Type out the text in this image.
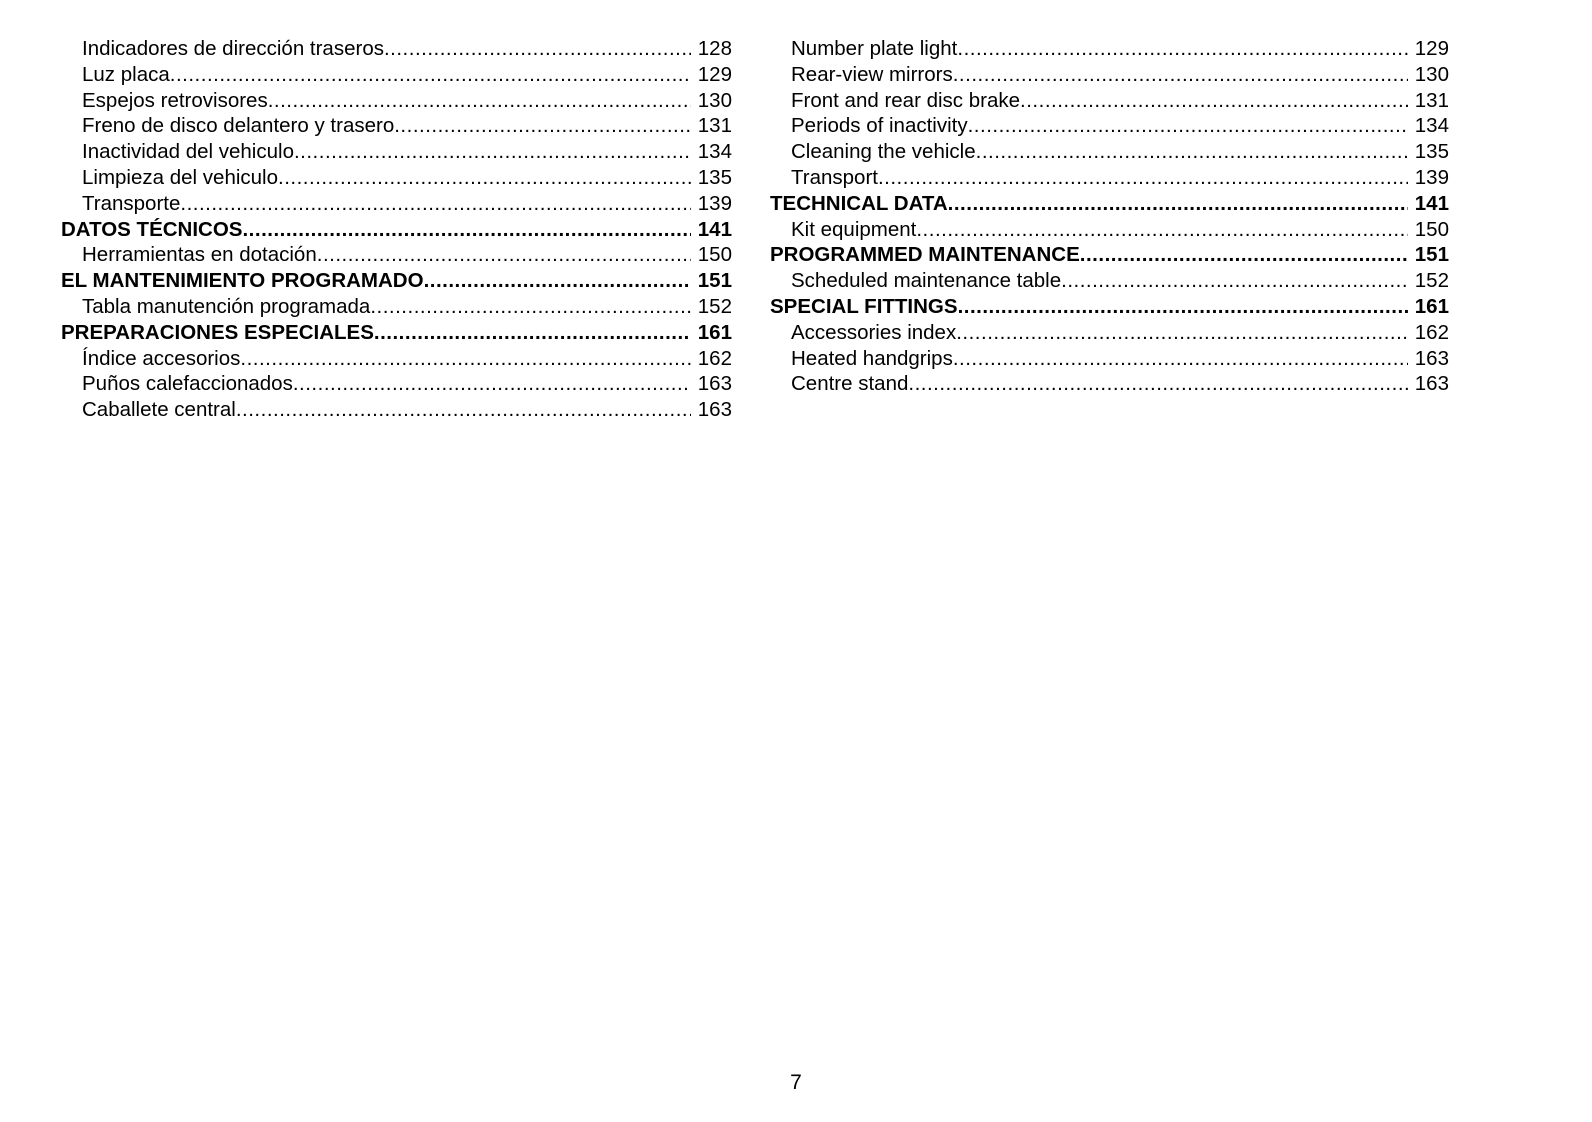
Indicadores de dirección traseros .....	128
Luz placa .....	129
Espejos retrovisores .....	130
Freno de disco delantero y trasero .....	131
Inactividad del vehiculo .....	134
Limpieza del vehiculo .....	135
Transporte .....	139
DATOS TÉCNICOS .....	141
Herramientas en dotación .....	150
EL MANTENIMIENTO PROGRAMADO .....	151
Tabla manutención programada .....	152
PREPARACIONES ESPECIALES .....	161
Índice accesorios .....	162
Puños calefaccionados .....	163
Caballete central .....	163
Number plate light .....	129
Rear-view mirrors .....	130
Front and rear disc brake .....	131
Periods of inactivity .....	134
Cleaning the vehicle .....	135
Transport .....	139
TECHNICAL DATA .....	141
Kit equipment .....	150
PROGRAMMED MAINTENANCE .....	151
Scheduled maintenance table .....	152
SPECIAL FITTINGS .....	161
Accessories index .....	162
Heated handgrips .....	163
Centre stand .....	163
7
